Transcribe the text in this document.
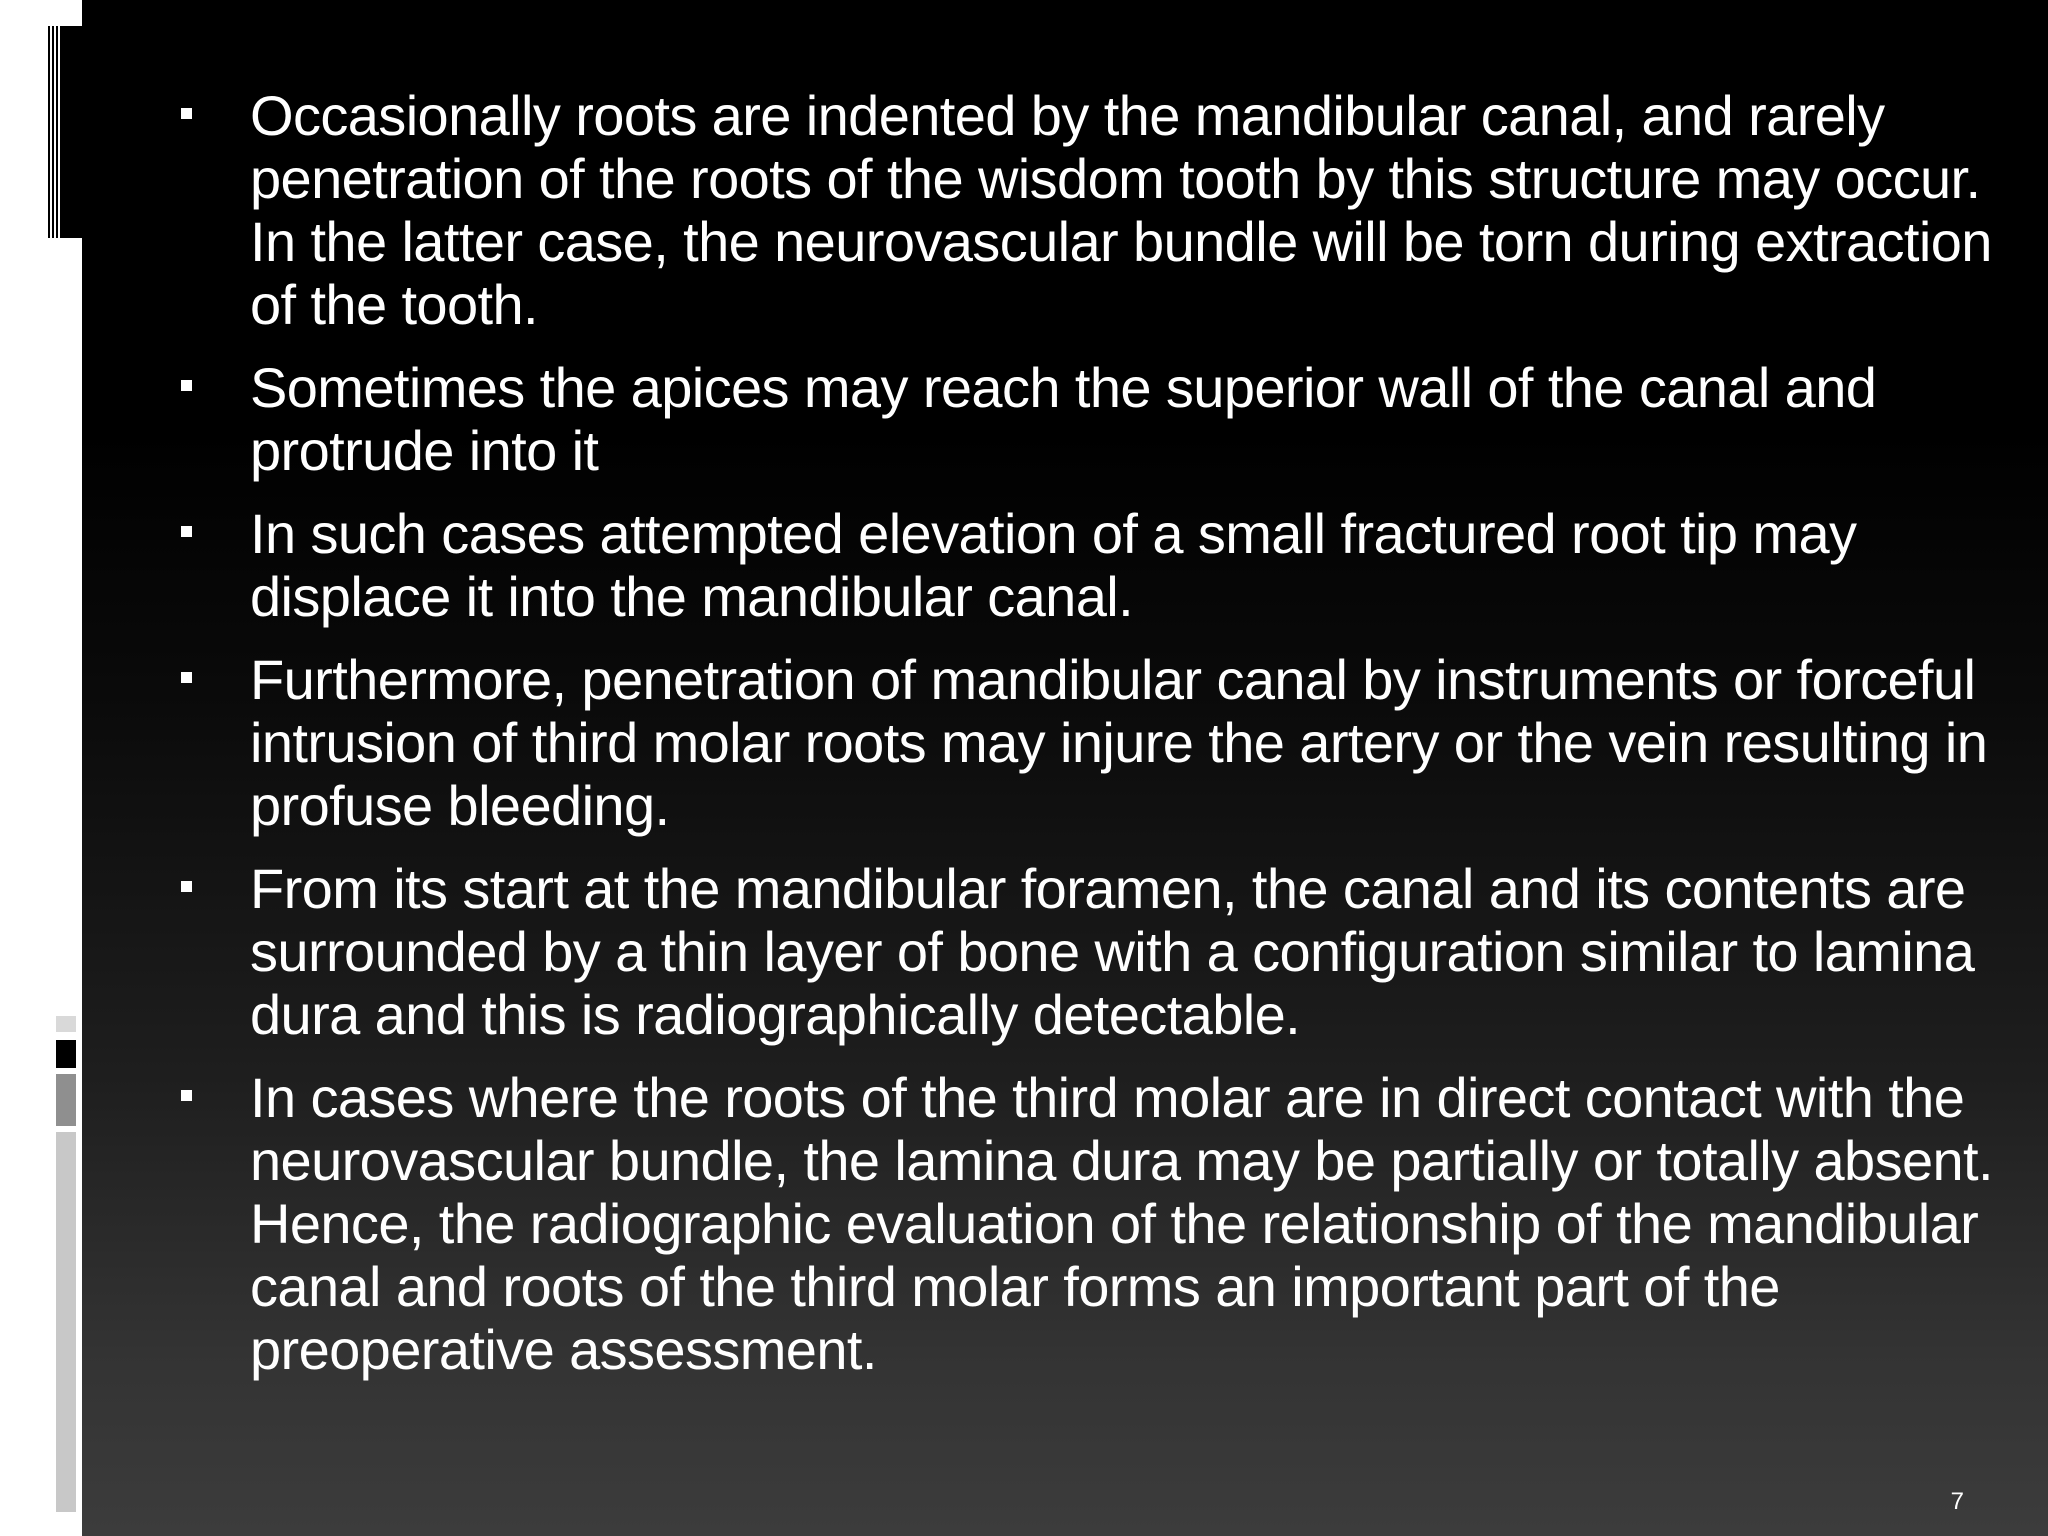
Occasionally roots are indented by the mandibular canal, and rarely penetration of the roots of the wisdom tooth by this structure may occur. In the latter case, the neurovascular bundle will be torn during extraction of the tooth.
Sometimes the apices may reach the superior wall of the canal and protrude into it
In such cases attempted elevation of a small fractured root tip may displace it into the mandibular canal.
Furthermore, penetration of mandibular canal by instruments or forceful intrusion of third molar roots may injure the artery or the vein resulting in profuse bleeding.
From its start at the mandibular foramen, the canal and its contents are surrounded by a thin layer of bone with a configuration similar to lamina dura and this is radiographically detectable.
In cases where the roots of the third molar are in direct contact with the neurovascular bundle, the lamina dura may be partially or totally absent. Hence, the radiographic evaluation of the relationship of the mandibular canal and roots of the third molar forms an important part of the preoperative assessment.
7
